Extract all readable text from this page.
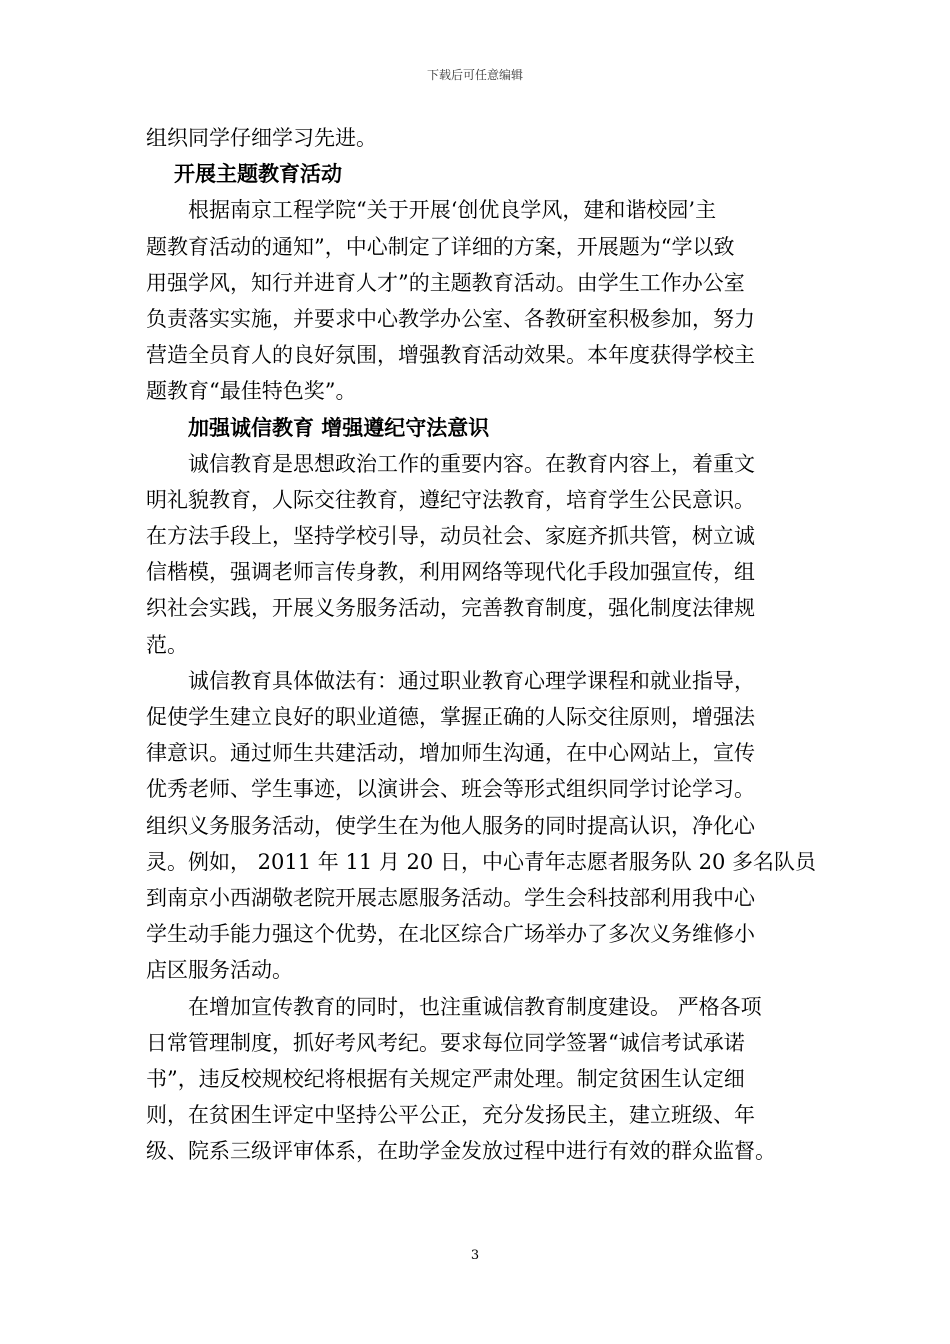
下载后可任意编辑
组织同学仔细学习先进。
开展主题教育活动
根据南京工程学院“关于开展‘创优良学风，建和谐校园’主
题教育活动的通知”，中心制定了详细的方案，开展题为“学以致
用强学风，知行并进育人才”的主题教育活动。由学生工作办公室
负责落实实施，并要求中心教学办公室、各教研室积极参加，努力
营造全员育人的良好氛围，增强教育活动效果。本年度获得学校主
题教育“最佳特色奖”。
加强诚信教育 增强遵纪守法意识
诚信教育是思想政治工作的重要内容。在教育内容上，着重文
明礼貌教育，人际交往教育，遵纪守法教育，培育学生公民意识。
在方法手段上，坚持学校引导，动员社会、家庭齐抓共管，树立诚
信楷模，强调老师言传身教，利用网络等现代化手段加强宣传，组
织社会实践，开展义务服务活动，完善教育制度，强化制度法律规
范。
诚信教育具体做法有：通过职业教育心理学课程和就业指导，
促使学生建立良好的职业道德，掌握正确的人际交往原则，增强法
律意识。通过师生共建活动，增加师生沟通，在中心网站上，宣传
优秀老师、学生事迹，以演讲会、班会等形式组织同学讨论学习。
组织义务服务活动，使学生在为他人服务的同时提高认识，净化心
灵。例如， 2011 年 11 月 20 日，中心青年志愿者服务队 20 多名队员
到南京小西湖敬老院开展志愿服务活动。学生会科技部利用我中心
学生动手能力强这个优势，在北区综合广场举办了多次义务维修小
店区服务活动。
在增加宣传教育的同时，也注重诚信教育制度建设。 严格各项
日常管理制度，抓好考风考纪。要求每位同学签署“诚信考试承诺
书”，违反校规校纪将根据有关规定严肃处理。制定贫困生认定细
则，在贫困生评定中坚持公平公正，充分发扬民主，建立班级、年
级、院系三级评审体系，在助学金发放过程中进行有效的群众监督。
3
